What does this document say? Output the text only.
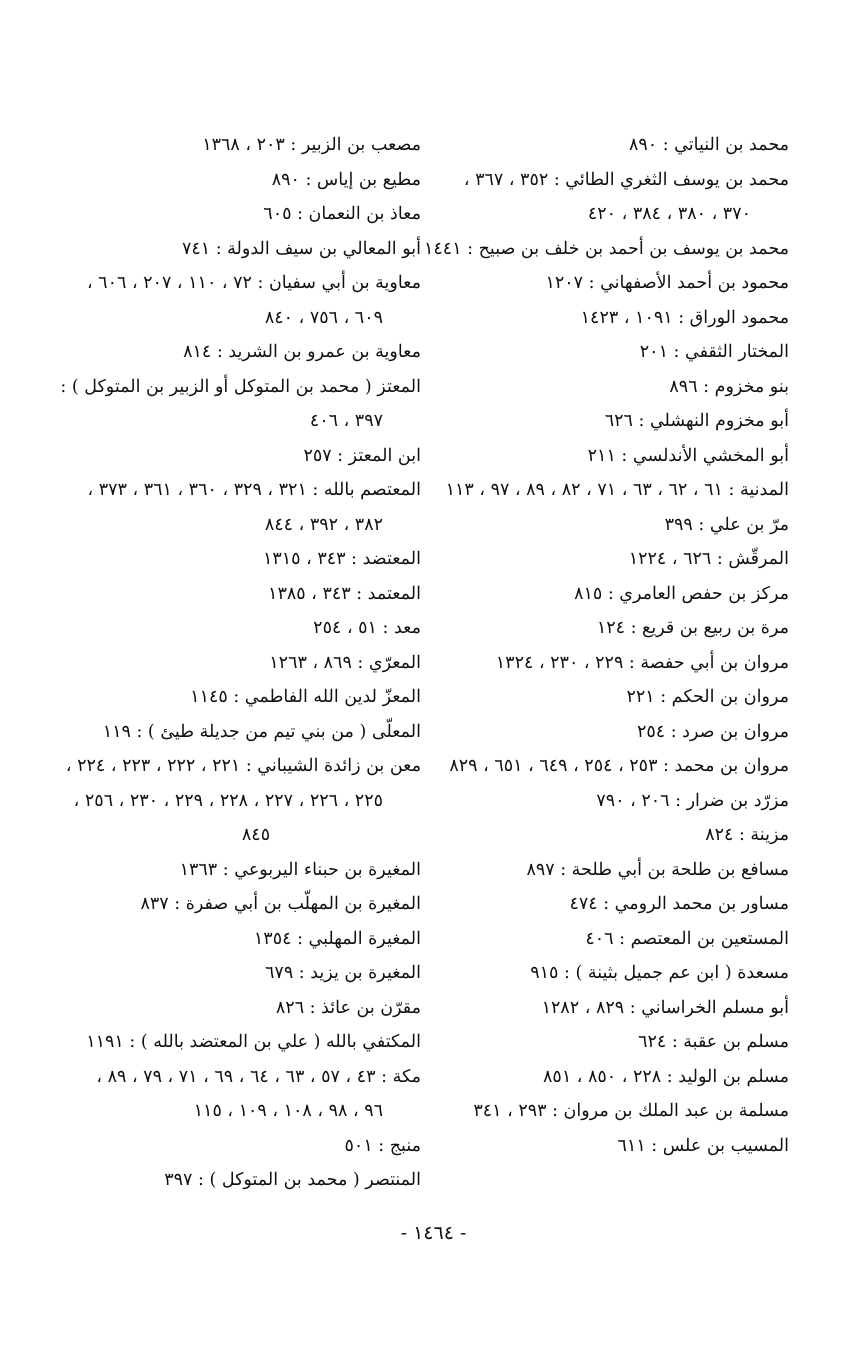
محمد بن النياتي : ٨٩٠
محمد بن يوسف الثغري الطائي : ٣٥٢ ، ٣٦٧ ،
٣٧٠ ، ٣٨٠ ، ٣٨٤ ، ٤٢٠
محمد بن يوسف بن أحمد بن خلف بن صبيح : ١٤٤١
محمود بن أحمد الأصفهاني : ١٢٠٧
محمود الوراق : ١٠٩١ ، ١٤٢٣
المختار الثقفي : ٢٠١
بنو مخزوم : ٨٩٦
أبو مخزوم النهشلي : ٦٢٦
أبو المخشي الأندلسي : ٢١١
المدنية : ٦١ ، ٦٢ ، ٦٣ ، ٧١ ، ٨٢ ، ٨٩ ، ٩٧ ، ١١٣
مرّ بن علي : ٣٩٩
المرقّش : ٦٢٦ ، ١٢٢٤
مركز بن حفص العامري : ٨١٥
مرة بن ربيع بن قريع : ١٢٤
مروان بن أبي حفصة : ٢٢٩ ، ٢٣٠ ، ١٣٢٤
مروان بن الحكم : ٢٢١
مروان بن صرد : ٢٥٤
مروان بن محمد : ٢٥٣ ، ٢٥٤ ، ٦٤٩ ، ٦٥١ ، ٨٢٩
مزرّد بن ضرار : ٢٠٦ ، ٧٩٠
مزينة : ٨٢٤
مسافع بن طلحة بن أبي طلحة : ٨٩٧
مساور بن محمد الرومي : ٤٧٤
المستعين بن المعتصم : ٤٠٦
مسعدة ( ابن عم جميل بثينة ) : ٩١٥
أبو مسلم الخراساني : ٨٢٩ ، ١٢٨٢
مسلم بن عقبة : ٦٢٤
مسلم بن الوليد : ٢٢٨ ، ٨٥٠ ، ٨٥١
مسلمة بن عبد الملك بن مروان : ٢٩٣ ، ٣٤١
المسيب بن علس : ٦١١
مصعب بن الزبير : ٢٠٣ ، ١٣٦٨
مطيع بن إياس : ٨٩٠
معاذ بن النعمان : ٦٠٥
أبو المعالي بن سيف الدولة : ٧٤١
معاوية بن أبي سفيان : ٧٢ ، ١١٠ ، ٢٠٧ ، ٦٠٦ ،
٦٠٩ ، ٧٥٦ ، ٨٤٠
معاوية بن عمرو بن الشريد : ٨١٤
المعتز ( محمد بن المتوكل أو الزبير بن المتوكل ) :
٣٩٧ ، ٤٠٦
ابن المعتز : ٢٥٧
المعتصم بالله : ٣٢١ ، ٣٢٩ ، ٣٦٠ ، ٣٦١ ، ٣٧٣ ،
٣٨٢ ، ٣٩٢ ، ٨٤٤
المعتضد : ٣٤٣ ، ١٣١٥
المعتمد : ٣٤٣ ، ١٣٨٥
معد : ٥١ ، ٢٥٤
المعرّي : ٨٦٩ ، ١٢٦٣
المعزّ لدين الله الفاطمي : ١١٤٥
المعلّى ( من بني تيم من جديلة طيئ ) : ١١٩
معن بن زائدة الشيباني : ٢٢١ ، ٢٢٢ ، ٢٢٣ ، ٢٢٤ ،
٢٢٥ ، ٢٢٦ ، ٢٢٧ ، ٢٢٨ ، ٢٢٩ ، ٢٣٠ ، ٢٥٦ ،
٨٤٥
المغيرة بن حبناء اليربوعي : ١٣٦٣
المغيرة بن المهلّب بن أبي صفرة : ٨٣٧
المغيرة المهلبي : ١٣٥٤
المغيرة بن يزيد : ٦٧٩
مقرّن بن عائذ : ٨٢٦
المكتفي بالله ( علي بن المعتضد بالله ) : ١١٩١
مكة : ٤٣ ، ٥٧ ، ٦٣ ، ٦٤ ، ٦٩ ، ٧١ ، ٧٩ ، ٨٩ ،
٩٦ ، ٩٨ ، ١٠٨ ، ١٠٩ ، ١١٥
منبج : ٥٠١
المنتصر ( محمد بن المتوكل ) : ٣٩٧
- ١٤٦٤ -
